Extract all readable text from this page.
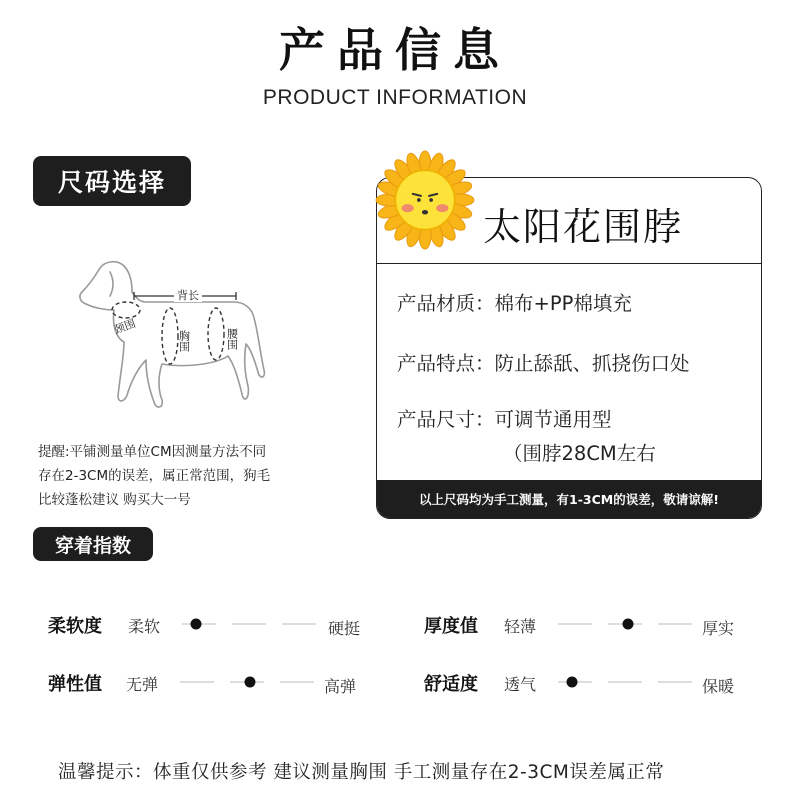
产品信息
PRODUCT INFORMATION
尺码选择
背长
颈围
胸围	腰围
提醒:平铺测量单位CM因测量方法不同
存在2-3CM的误差，属正常范围，狗毛
比较蓬松建议 购买大一号
太阳花围脖
产品材质：棉布+PP棉填充
产品特点：防止舔舐、抓挠伤口处
产品尺寸：可调节通用型
（围脖28CM左右
以上尺码均为手工测量，有1-3CM的误差，敬请谅解!
穿着指数
柔软度 柔软	硬挺	厚度值 轻薄	厚实
弹性值 无弹	高弹	舒适度 透气	保暖
温馨提示：体重仅供参考 建议测量胸围 手工测量存在2-3CM误差属正常
